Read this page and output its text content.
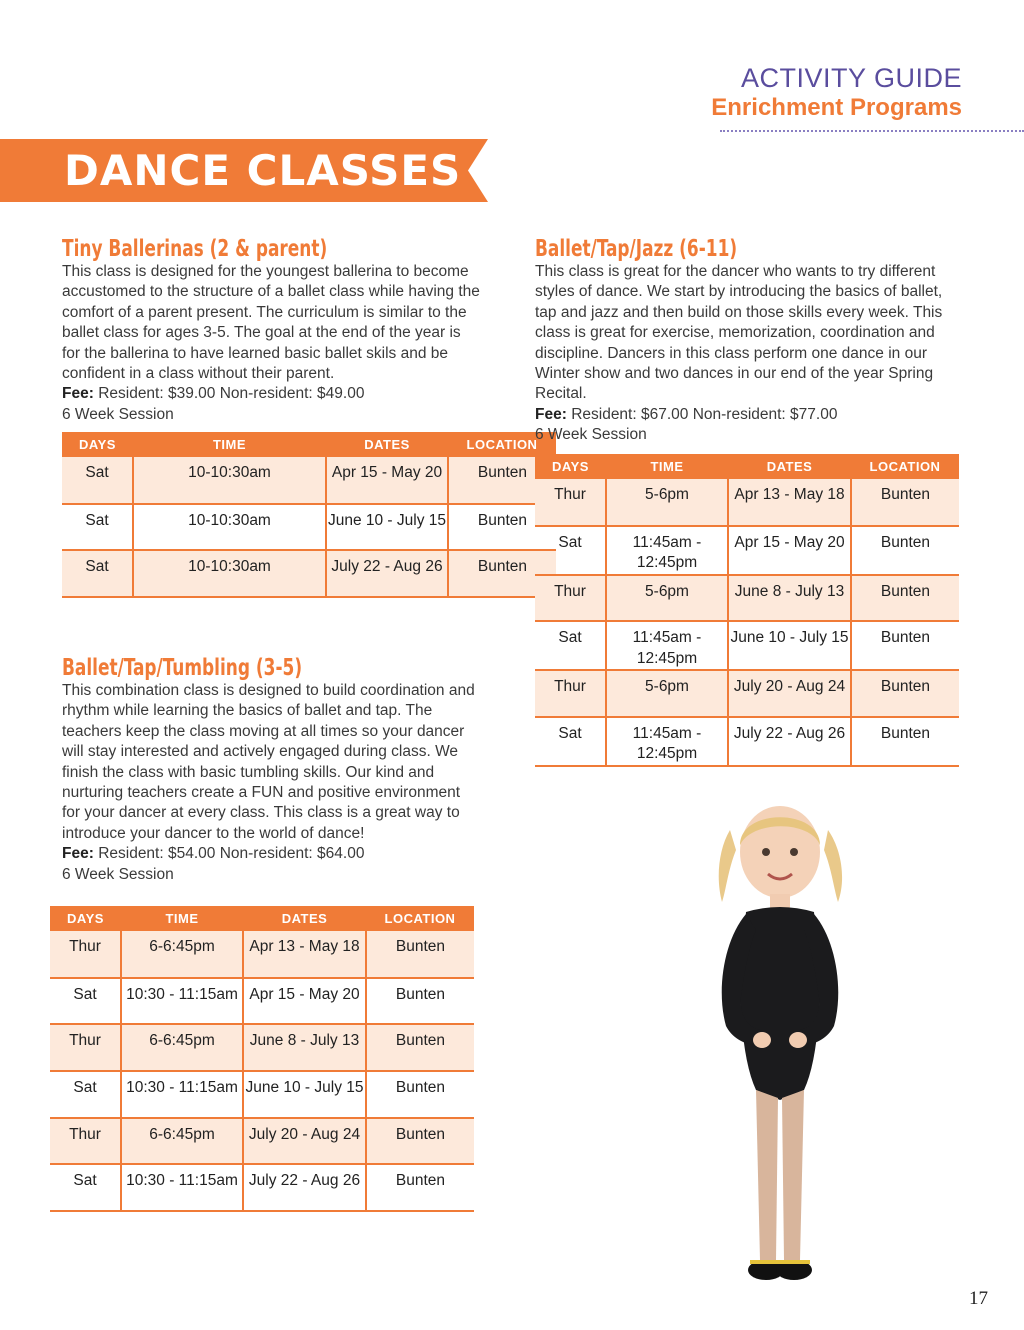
ACTIVITY GUIDE
Enrichment Programs
DANCE CLASSES
Tiny Ballerinas (2 & parent)

This class is designed for the youngest ballerina to become accustomed to the structure of a ballet class while having the comfort of a parent present. The curriculum is similar to the ballet class for ages 3-5. The goal at the end of the year is for the ballerina to have learned basic ballet skils and be confident in a class without their parent.

Fee: Resident: $39.00 Non-resident: $49.00

6 Week Session

DAYS	TIME	DATES	LOCATION
Sat	10-10:30am	Apr 15 - May 20	Bunten
Sat	10-10:30am	June 10 - July 15	Bunten
Sat	10-10:30am	July 22 - Aug 26	Bunten
Ballet/Tap/Tumbling (3-5)

This combination class is designed to build coordination and rhythm while learning the basics of ballet and tap. The teachers keep the class moving at all times so your dancer will stay interested and actively engaged during class. We finish the class with basic tumbling skills. Our kind and nurturing teachers create a FUN and positive environment for your dancer at every class. This class is a great way to introduce your dancer to the world of dance!

Fee: Resident: $54.00 Non-resident: $64.00

6 Week Session

DAYS	TIME	DATES	LOCATION
Thur	6-6:45pm	Apr 13 - May 18	Bunten
Sat	10:30 - 11:15am	Apr 15 - May 20	Bunten
Thur	6-6:45pm	June 8 - July 13	Bunten
Sat	10:30 - 11:15am	June 10 - July 15	Bunten
Thur	6-6:45pm	July 20 - Aug 24	Bunten
Sat	10:30 - 11:15am	July 22 - Aug 26	Bunten
Ballet/Tap/Jazz (6-11)

This class is great for the dancer who wants to try different styles of dance. We start by introducing the basics of ballet, tap and jazz and then build on those skills every week. This class is great for exercise, memorization, coordination and discipline. Dancers in this class perform one dance in our Winter show and two dances in our end of the year Spring Recital.

Fee: Resident: $67.00 Non-resident: $77.00

6 Week Session

DAYS	TIME	DATES	LOCATION
Thur	5-6pm	Apr 13 - May 18	Bunten
Sat	11:45am - 12:45pm	Apr 15 - May 20	Bunten
Thur	5-6pm	June 8 - July 13	Bunten
Sat	11:45am - 12:45pm	June 10 - July 15	Bunten
Thur	5-6pm	July 20 - Aug 24	Bunten
Sat	11:45am - 12:45pm	July 22 - Aug 26	Bunten
17
